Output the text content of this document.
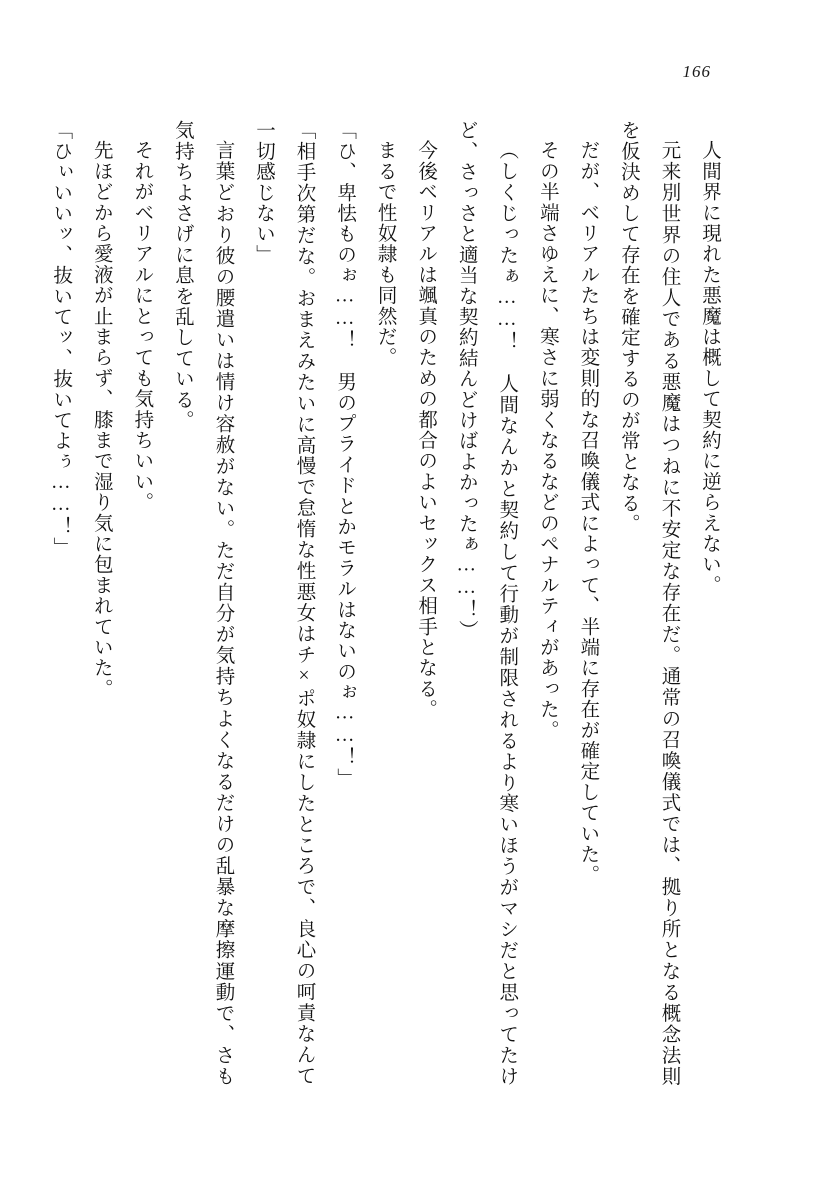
166

人間界に現れた悪魔は概して契約に逆らえない。

元来別世界の住人である悪魔はつねに不安定な存在だ。通常の召喚儀式では、拠り所となる概念法則を仮決めして存在を確定するのが常となる。

だが、ベリアルたちは変則的な召喚儀式によって、半端に存在が確定していた。

その半端さゆえに、寒さに弱くなるなどのペナルティがあった。

（しくじったぁ……！　人間なんかと契約して行動が制限されるより寒いほうがマシだと思ってたけど、さっさと適当な契約結んどけばよかったぁ……！）

今後ベリアルは颯真のための都合のよいセックス相手となる。

まるで性奴隷も同然だ。

「ひ、卑怯ものぉ……！　男のプライドとかモラルはないのぉ……！」

「相手次第だな。おまえみたいに高慢で怠惰な性悪女はチ×ポ奴隷にしたところで、良心の呵責なんて一切感じない」

言葉どおり彼の腰遣いは情け容赦がない。ただ自分が気持ちよくなるだけの乱暴な摩擦運動で、さも気持ちよさげに息を乱している。

それがベリアルにとっても気持ちいい。

先ほどから愛液が止まらず、膝まで湿り気に包まれていた。

「ひぃいいッ、抜いてッ、抜いてよぅ……！」
